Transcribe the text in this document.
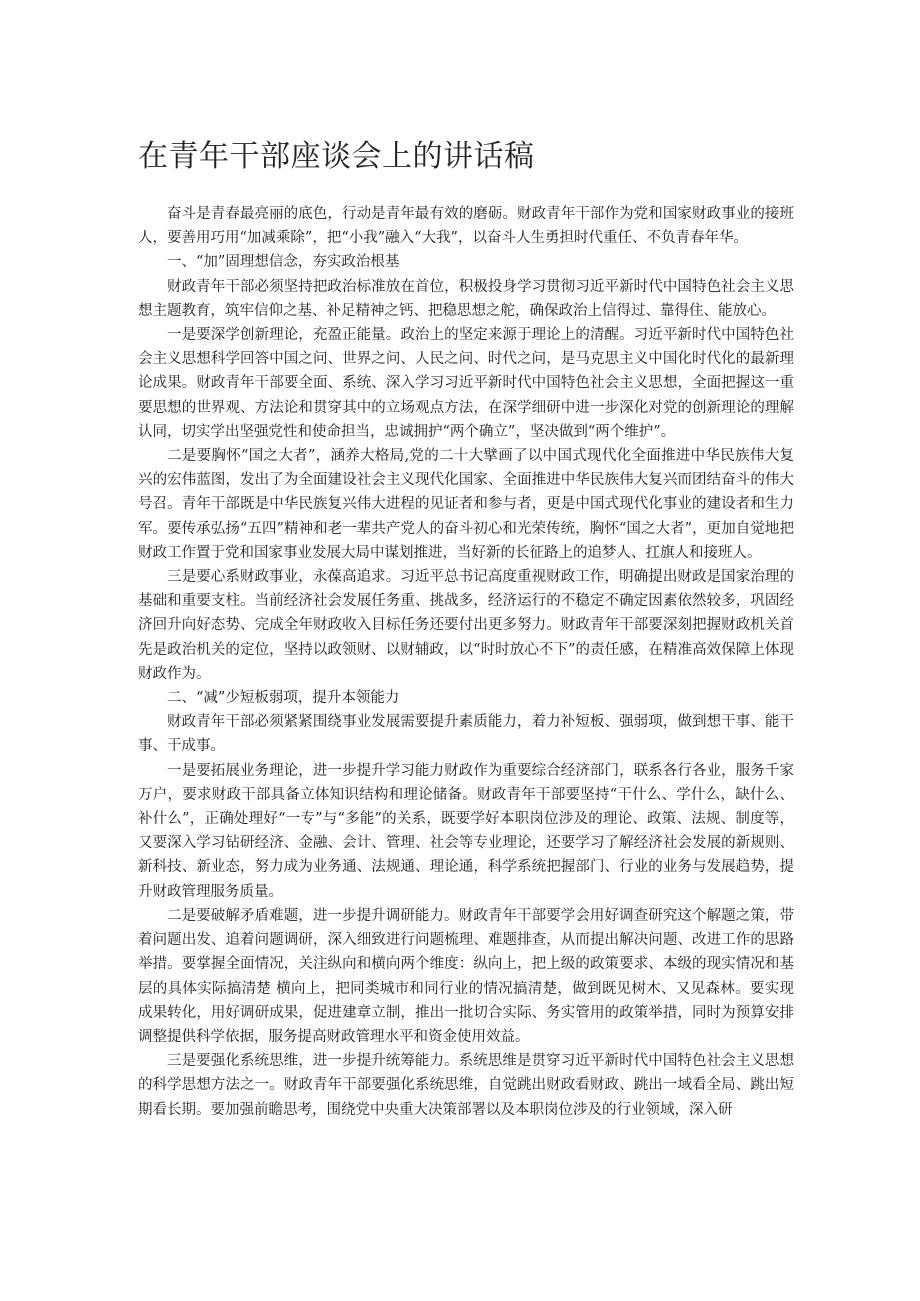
在青年干部座谈会上的讲话稿

奋斗是青春最亮丽的底色，行动是青年最有效的磨砺。财政青年干部作为党和国家财政事业的接班人，要善用巧用“加减乘除”，把“小我”融入“大我”，以奋斗人生勇担时代重任、不负青春年华。

一、“加”固理想信念，夯实政治根基

财政青年干部必须坚持把政治标准放在首位，积极投身学习贯彻习近平新时代中国特色社会主义思想主题教育，筑牢信仰之基、补足精神之钙、把稳思想之舵，确保政治上信得过、靠得住、能放心。

一是要深学创新理论，充盈正能量。政治上的坚定来源于理论上的清醒。习近平新时代中国特色社会主义思想科学回答中国之问、世界之问、人民之问、时代之问，是马克思主义中国化时代化的最新理论成果。财政青年干部要全面、系统、深入学习习近平新时代中国特色社会主义思想，全面把握这一重要思想的世界观、方法论和贯穿其中的立场观点方法，在深学细研中进一步深化对党的创新理论的理解认同，切实学出坚强党性和使命担当，忠诚拥护“两个确立”，坚决做到“两个维护”。

二是要胸怀“国之大者”，涵养大格局,党的二十大擘画了以中国式现代化全面推进中华民族伟大复兴的宏伟蓝图，发出了为全面建设社会主义现代化国家、全面推进中华民族伟大复兴而团结奋斗的伟大号召。青年干部既是中华民族复兴伟大进程的见证者和参与者，更是中国式现代化事业的建设者和生力军。要传承弘扬“五四”精神和老一辈共产党人的奋斗初心和光荣传统，胸怀“国之大者”，更加自觉地把财政工作置于党和国家事业发展大局中谋划推进，当好新的长征路上的追梦人、扛旗人和接班人。

三是要心系财政事业，永葆高追求。习近平总书记高度重视财政工作，明确提出财政是国家治理的基础和重要支柱。当前经济社会发展任务重、挑战多，经济运行的不稳定不确定因素依然较多，巩固经济回升向好态势、完成全年财政收入目标任务还要付出更多努力。财政青年干部要深刻把握财政机关首先是政治机关的定位，坚持以政领财、以财辅政，以“时时放心不下”的责任感，在精准高效保障上体现财政作为。

二、“减”少短板弱项，提升本领能力

财政青年干部必须紧紧围绕事业发展需要提升素质能力，着力补短板、强弱项，做到想干事、能干事、干成事。

一是要拓展业务理论，进一步提升学习能力财政作为重要综合经济部门，联系各行各业，服务千家万户，要求财政干部具备立体知识结构和理论储备。财政青年干部要坚持“干什么、学什么，缺什么、补什么”，正确处理好“一专”与“多能”的关系，既要学好本职岗位涉及的理论、政策、法规、制度等，又要深入学习钻研经济、金融、会计、管理、社会等专业理论，还要学习了解经济社会发展的新规则、新科技、新业态，努力成为业务通、法规通、理论通，科学系统把握部门、行业的业务与发展趋势，提升财政管理服务质量。

二是要破解矛盾难题，进一步提升调研能力。财政青年干部要学会用好调查研究这个解题之策，带着问题出发、追着问题调研，深入细致进行问题梳理、难题排查，从而提出解决问题、改进工作的思路举措。要掌握全面情况，关注纵向和横向两个维度：纵向上，把上级的政策要求、本级的现实情况和基层的具体实际搞清楚 横向上，把同类城市和同行业的情况搞清楚，做到既见树木、又见森林。要实现成果转化，用好调研成果，促进建章立制，推出一批切合实际、务实管用的政策举措，同时为预算安排调整提供科学依据，服务提高财政管理水平和资金使用效益。

三是要强化系统思维，进一步提升统筹能力。系统思维是贯穿习近平新时代中国特色社会主义思想的科学思想方法之一。财政青年干部要强化系统思维，自觉跳出财政看财政、跳出一域看全局、跳出短期看长期。要加强前瞻思考，围绕党中央重大决策部署以及本职岗位涉及的行业领域，深入研
